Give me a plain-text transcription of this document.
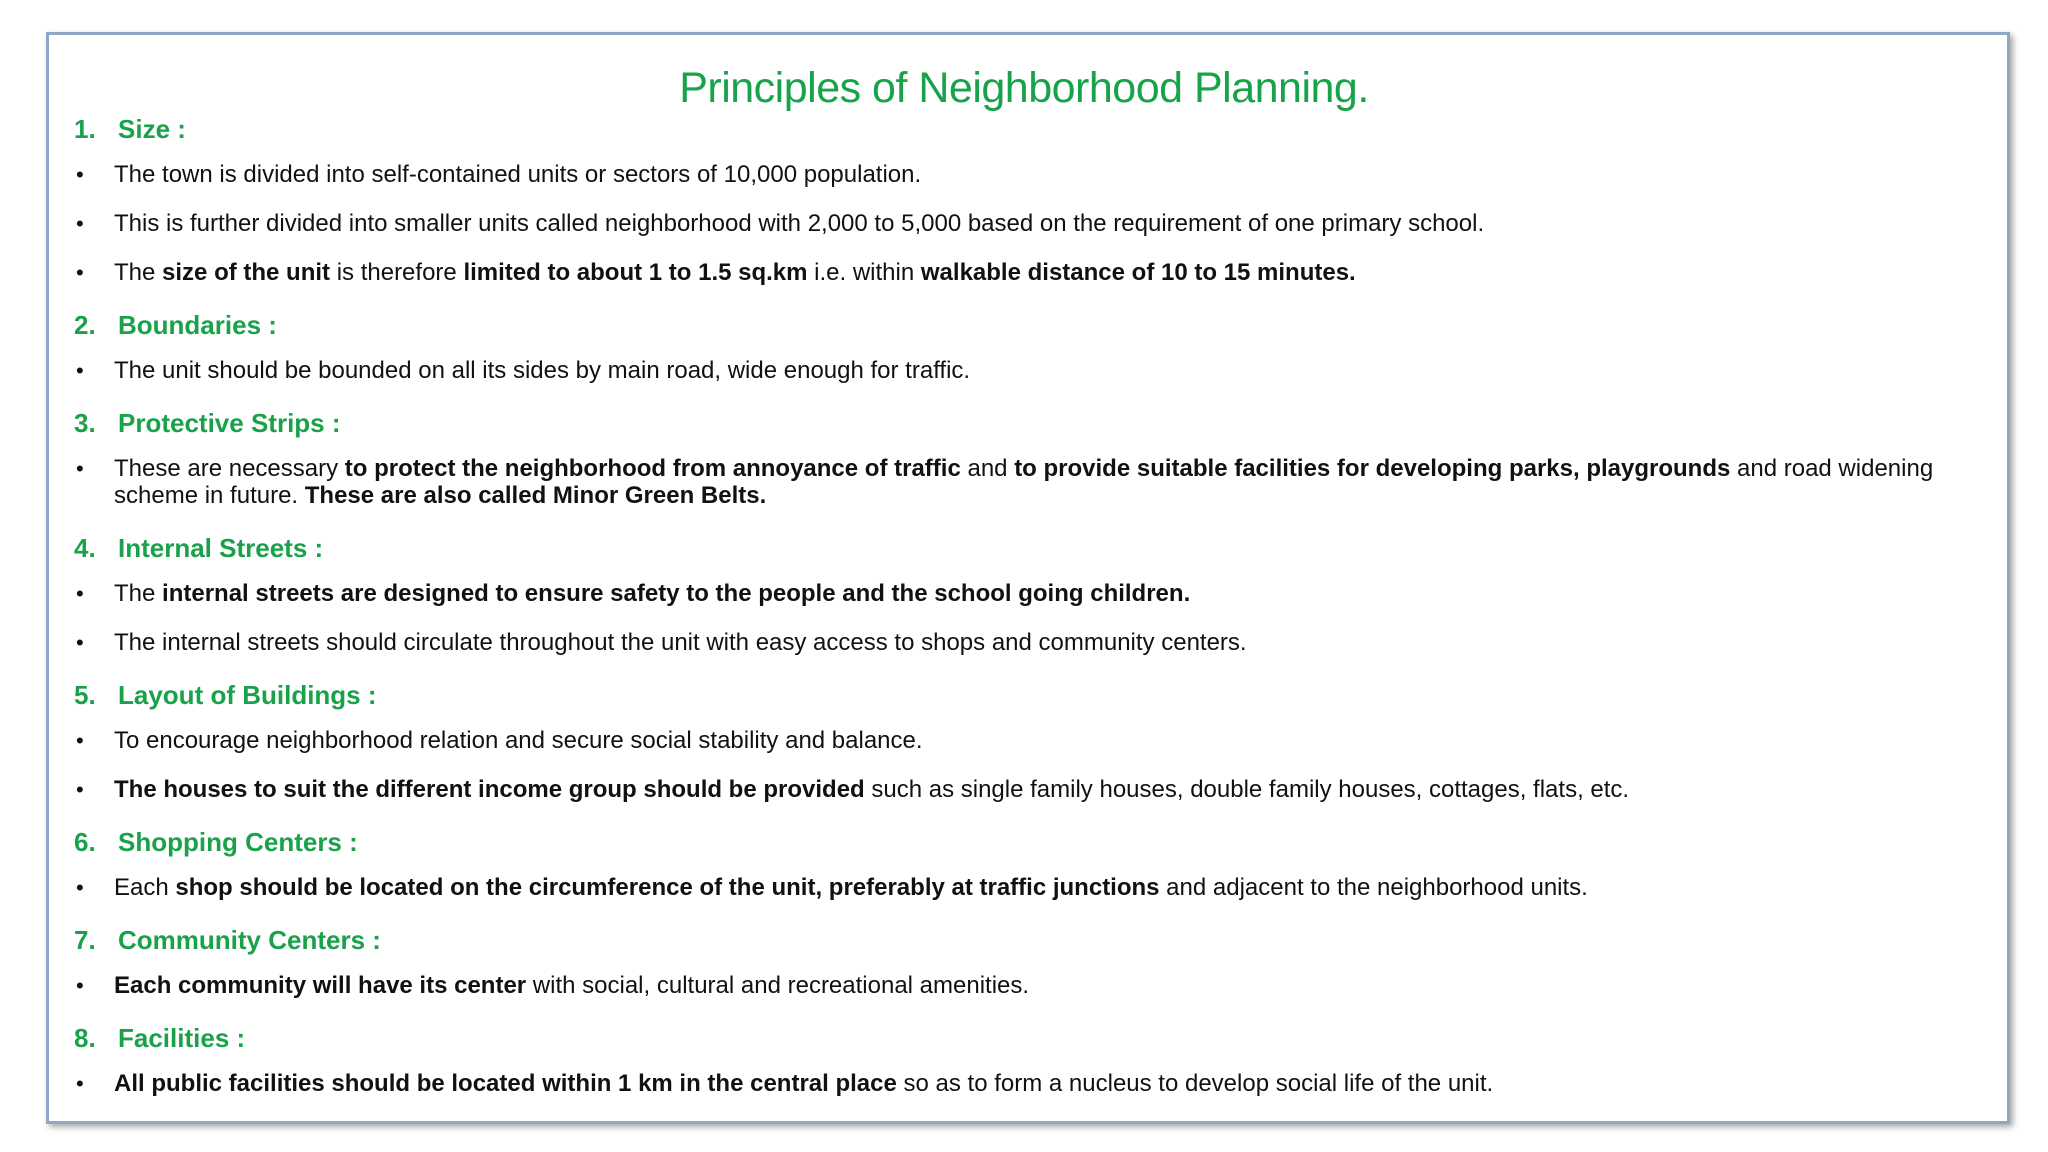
Principles of Neighborhood Planning.
1. Size :
• The town is divided into self-contained units or sectors of 10,000 population.
• This is further divided into smaller units called neighborhood with 2,000 to 5,000 based on the requirement of one primary school.
• The size of the unit is therefore limited to about 1 to 1.5 sq.km i.e. within walkable distance of 10 to 15 minutes.
2. Boundaries :
• The unit should be bounded on all its sides by main road, wide enough for traffic.
3. Protective Strips :
• These are necessary to protect the neighborhood from annoyance of traffic and to provide suitable facilities for developing parks, playgrounds and road widening scheme in future. These are also called Minor Green Belts.
4. Internal Streets :
• The internal streets are designed to ensure safety to the people and the school going children.
• The internal streets should circulate throughout the unit with easy access to shops and community centers.
5. Layout of Buildings :
• To encourage neighborhood relation and secure social stability and balance.
• The houses to suit the different income group should be provided such as single family houses, double family houses, cottages, flats, etc.
6. Shopping Centers :
• Each shop should be located on the circumference of the unit, preferably at traffic junctions and adjacent to the neighborhood units.
7. Community Centers :
• Each community will have its center with social, cultural and recreational amenities.
8. Facilities :
• All public facilities should be located within 1 km in the central place so as to form a nucleus to develop social life of the unit.
